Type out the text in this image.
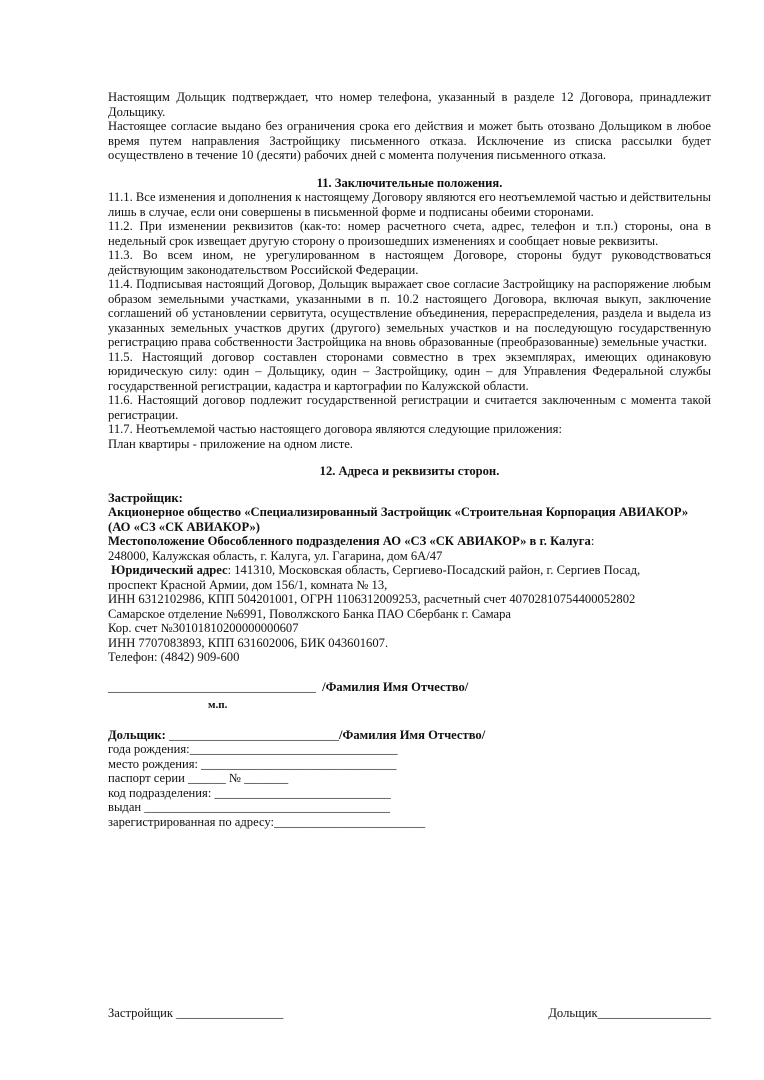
Настоящим Дольщик подтверждает, что номер телефона, указанный в разделе 12 Договора, принадлежит Дольщику.

Настоящее согласие выдано без ограничения срока его действия и может быть отозвано Дольщиком в любое время путем направления Застройщику письменного отказа. Исключение из списка рассылки будет осуществлено в течение 10 (десяти) рабочих дней с момента получения письменного отказа.

11. Заключительные положения.

11.1. Все изменения и дополнения к настоящему Договору являются его неотъемлемой частью и действительны лишь в случае, если они совершены в письменной форме и подписаны обеими сторонами.

11.2. При изменении реквизитов (как-то: номер расчетного счета, адрес, телефон и т.п.) стороны, она в недельный срок извещает другую сторону о произошедших изменениях и сообщает новые реквизиты.

11.3. Во всем ином, не урегулированном в настоящем Договоре, стороны будут руководствоваться действующим законодательством Российской Федерации.

11.4. Подписывая настоящий Договор, Дольщик выражает свое согласие Застройщику на распоряжение любым образом земельными участками, указанными в п. 10.2 настоящего Договора, включая выкуп, заключение соглашений об установлении сервитута, осуществление объединения, перераспределения, раздела и выдела из указанных земельных участков других (другого) земельных участков и на последующую государственную регистрацию права собственности Застройщика на вновь образованные (преобразованные) земельные участки.

11.5. Настоящий договор составлен сторонами совместно в трех экземплярах, имеющих одинаковую юридическую силу: один – Дольщику, один – Застройщику, один – для Управления Федеральной службы государственной регистрации, кадастра и картографии по Калужской области.

11.6. Настоящий договор подлежит государственной регистрации и считается заключенным с момента такой регистрации.

11.7. Неотъемлемой частью настоящего договора являются следующие приложения:

План квартиры - приложение на одном листе.

12. Адреса и реквизиты сторон.

Застройщик:

Акционерное общество «Специализированный Застройщик «Строительная Корпорация АВИАКОР»

(АО «СЗ «СК АВИАКОР»)

Местоположение Обособленного подразделения АО «СЗ «СК АВИАКОР» в г. Калуга:

248000, Калужская область, г. Калуга, ул. Гагарина, дом 6А/47

Юридический адрес: 141310, Московская область, Сергиево-Посадский район, г. Сергиев Посад,

проспект Красной Армии, дом 156/1, комната № 13,

ИНН 6312102986, КПП 504201001, ОГРН 1106312009253, расчетный счет 40702810754400052802

Самарское отделение №6991, Поволжского Банка ПАО Сбербанк г. Самара

Кор. счет №30101810200000000607

ИНН 7707083893, КПП 631602006, БИК 043601607.

Телефон: (4842) 909-600

_________________________________ /Фамилия Имя Отчество/

м.п.

Дольщик: ___________________________/Фамилия Имя Отчество/

года рождения:_________________________________

место рождения: _______________________________

паспорт серии ______ № _______

код подразделения: ____________________________

выдан _______________________________________

зарегистрированная по адресу:________________________

Застройщик _________________	Дольщик__________________
